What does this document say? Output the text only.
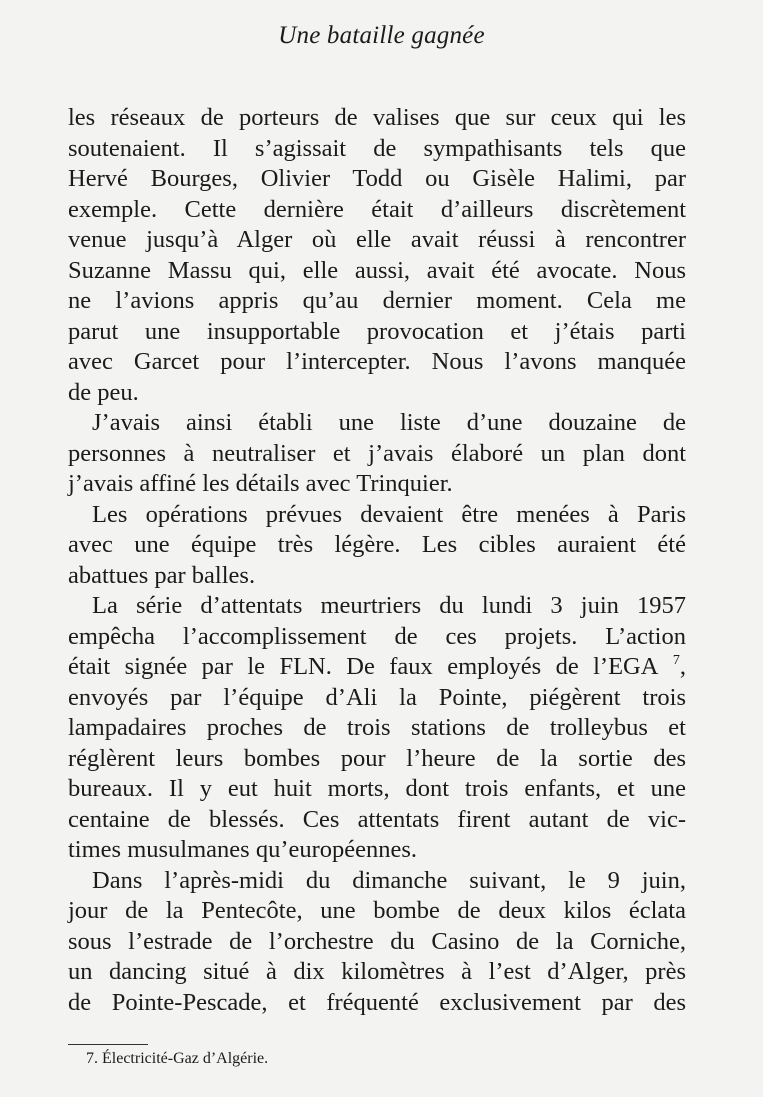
Une bataille gagnée
les réseaux de porteurs de valises que sur ceux qui les
soutenaient. Il s’agissait de sympathisants tels que
Hervé Bourges, Olivier Todd ou Gisèle Halimi, par
exemple. Cette dernière était d’ailleurs discrètement
venue jusqu’à Alger où elle avait réussi à rencontrer
Suzanne Massu qui, elle aussi, avait été avocate. Nous
ne l’avions appris qu’au dernier moment. Cela me
parut une insupportable provocation et j’étais parti
avec Garcet pour l’intercepter. Nous l’avons manquée
de peu.
J’avais ainsi établi une liste d’une douzaine de
personnes à neutraliser et j’avais élaboré un plan dont
j’avais affiné les détails avec Trinquier.
Les opérations prévues devaient être menées à Paris
avec une équipe très légère. Les cibles auraient été
abattues par balles.
La série d’attentats meurtriers du lundi 3 juin 1957
empêcha l’accomplissement de ces projets. L’action
était signée par le FLN. De faux employés de l’EGA $^7$,
envoyés par l’équipe d’Ali la Pointe, piégèrent trois
lampadaires proches de trois stations de trolleybus et
réglèrent leurs bombes pour l’heure de la sortie des
bureaux. Il y eut huit morts, dont trois enfants, et une
centaine de blessés. Ces attentats firent autant de vic-
times musulmanes qu’européennes.
Dans l’après-midi du dimanche suivant, le 9 juin,
jour de la Pentecôte, une bombe de deux kilos éclata
sous l’estrade de l’orchestre du Casino de la Corniche,
un dancing situé à dix kilomètres à l’est d’Alger, près
de Pointe-Pescade, et fréquenté exclusivement par des
7. Électricité-Gaz d’Algérie.
